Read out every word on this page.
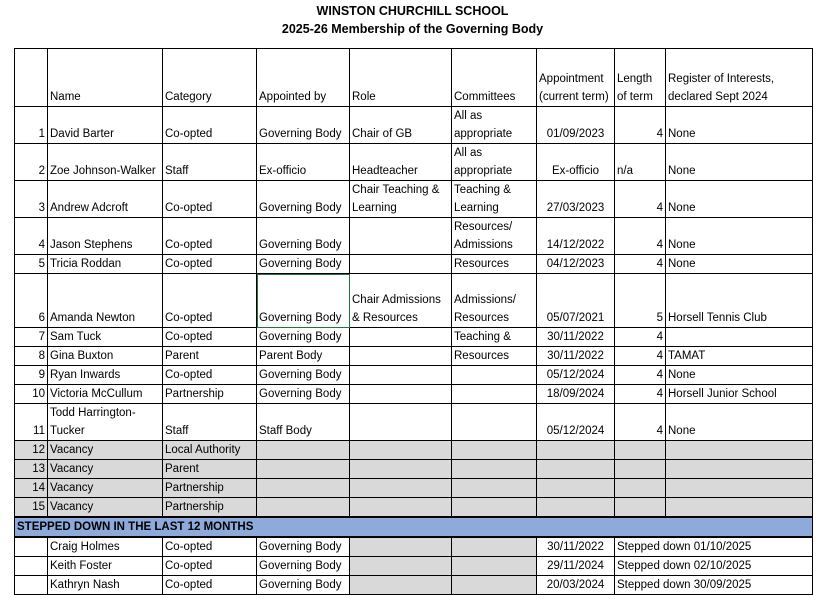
WINSTON CHURCHILL SCHOOL
2025-26 Membership of the Governing Body
	Name	Category	Appointed by	Role	Committees	Appointment (current term)	Length of term	Register of Interests, declared Sept 2024
1	David Barter	Co-opted	Governing Body	Chair of GB	All as appropriate	01/09/2023	4	None
2	Zoe Johnson-Walker	Staff	Ex-officio	Headteacher	All as appropriate	Ex-officio	n/a	None
3	Andrew Adcroft	Co-opted	Governing Body	Chair Teaching & Learning	Teaching & Learning	27/03/2023	4	None
4	Jason Stephens	Co-opted	Governing Body		Resources/ Admissions	14/12/2022	4	None
5	Tricia Roddan	Co-opted	Governing Body		Resources	04/12/2023	4	None
6	Amanda Newton	Co-opted	Governing Body	Chair Admissions & Resources	Admissions/ Resources	05/07/2021	5	Horsell Tennis Club
7	Sam Tuck	Co-opted	Governing Body		Teaching &	30/11/2022	4	
8	Gina Buxton	Parent	Parent Body		Resources	30/11/2022	4	TAMAT
9	Ryan Inwards	Co-opted	Governing Body			05/12/2024	4	None
10	Victoria McCullum	Partnership	Governing Body			18/09/2024	4	Horsell Junior School
11	Todd Harrington-Tucker	Staff	Staff Body			05/12/2024	4	None
12	Vacancy	Local Authority						
13	Vacancy	Parent						
14	Vacancy	Partnership						
15	Vacancy	Partnership						
STEPPED DOWN IN THE LAST 12 MONTHS								
	Craig Holmes	Co-opted	Governing Body			30/11/2022	Stepped down 01/10/2025	
	Keith Foster	Co-opted	Governing Body			29/11/2024	Stepped down 02/10/2025	
	Kathryn Nash	Co-opted	Governing Body			20/03/2024	Stepped down 30/09/2025	
